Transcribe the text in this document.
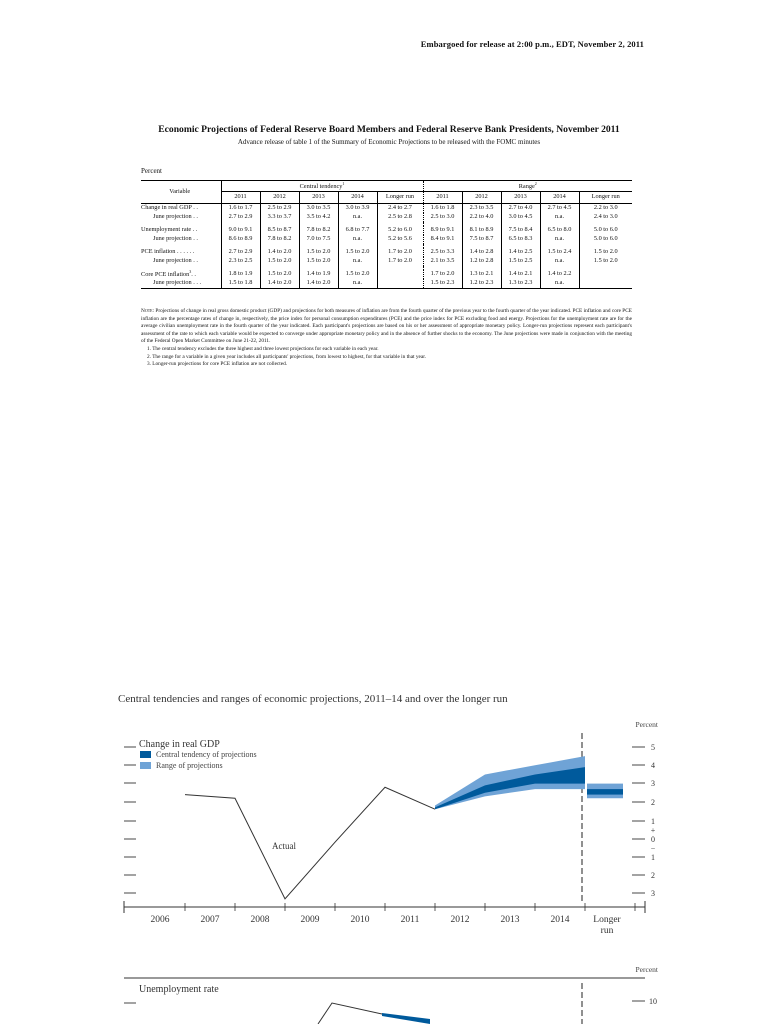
Embargoed for release at 2:00 p.m., EDT, November 2, 2011
Economic Projections of Federal Reserve Board Members and Federal Reserve Bank Presidents, November 2011
Advance release of table 1 of the Summary of Economic Projections to be released with the FOMC minutes
Percent
Variable	Central tendency$^1$					Range$^2$
	2011	2012	2013	2014	Longer run	2011	2012	2013	2014	Longer run
Change in real GDP . .	1.6 to 1.7	2.5 to 2.9	3.0 to 3.5	3.0 to 3.9	2.4 to 2.7	1.6 to 1.8	2.3 to 3.5	2.7 to 4.0	2.7 to 4.5	2.2 to 3.0
June projection . .	2.7 to 2.9	3.3 to 3.7	3.5 to 4.2	n.a.	2.5 to 2.8	2.5 to 3.0	2.2 to 4.0	3.0 to 4.5	n.a.	2.4 to 3.0

Unemployment rate . .	9.0 to 9.1	8.5 to 8.7	7.8 to 8.2	6.8 to 7.7	5.2 to 6.0	8.9 to 9.1	8.1 to 8.9	7.5 to 8.4	6.5 to 8.0	5.0 to 6.0
June projection . .	8.6 to 8.9	7.8 to 8.2	7.0 to 7.5	n.a.	5.2 to 5.6	8.4 to 9.1	7.5 to 8.7	6.5 to 8.3	n.a.	5.0 to 6.0

PCE inflation . . . . . .	2.7 to 2.9	1.4 to 2.0	1.5 to 2.0	1.5 to 2.0	1.7 to 2.0	2.5 to 3.3	1.4 to 2.8	1.4 to 2.5	1.5 to 2.4	1.5 to 2.0
June projection . .	2.3 to 2.5	1.5 to 2.0	1.5 to 2.0	n.a.	1.7 to 2.0	2.1 to 3.5	1.2 to 2.8	1.5 to 2.5	n.a.	1.5 to 2.0

Core PCE inflation$^3$. .	1.8 to 1.9	1.5 to 2.0	1.4 to 1.9	1.5 to 2.0		1.7 to 2.0	1.3 to 2.1	1.4 to 2.1	1.4 to 2.2	
June projection . . .	1.5 to 1.8	1.4 to 2.0	1.4 to 2.0	n.a.		1.5 to 2.3	1.2 to 2.3	1.3 to 2.3	n.a.	

Note: Projections of change in real gross domestic product (GDP) and projections for both measures of inflation are from the fourth quarter of the previous year to the fourth quarter of the year indicated. PCE inflation and core PCE inflation are the percentage rates of change in, respectively, the price index for personal consumption expenditures (PCE) and the price index for PCE excluding food and energy. Projections for the unemployment rate are for the average civilian unemployment rate in the fourth quarter of the year indicated. Each participant's projections are based on his or her assessment of appropriate monetary policy. Longer-run projections represent each participant's assessment of the rate to which each variable would be expected to converge under appropriate monetary policy and in the absence of further shocks to the economy. The June projections were made in conjunction with the meeting of the Federal Open Market Committee on June 21-22, 2011.

1. The central tendency excludes the three highest and three lowest projections for each variable in each year.

2. The range for a variable in a given year includes all participants' projections, from lowest to highest, for that variable in that year.

3. Longer-run projections for core PCE inflation are not collected.

Central tendencies and ranges of economic projections, 2011–14 and over the longer run
2006	2007	2008	2009	2010	2011	2012	2013	2014	Longer
run
Percent
Percent
5
4
3
2
1
+
0
−
1
2
3
Change in real GDP
Central tendency of projections
Range of projections
Actual
Unemployment rate
10
